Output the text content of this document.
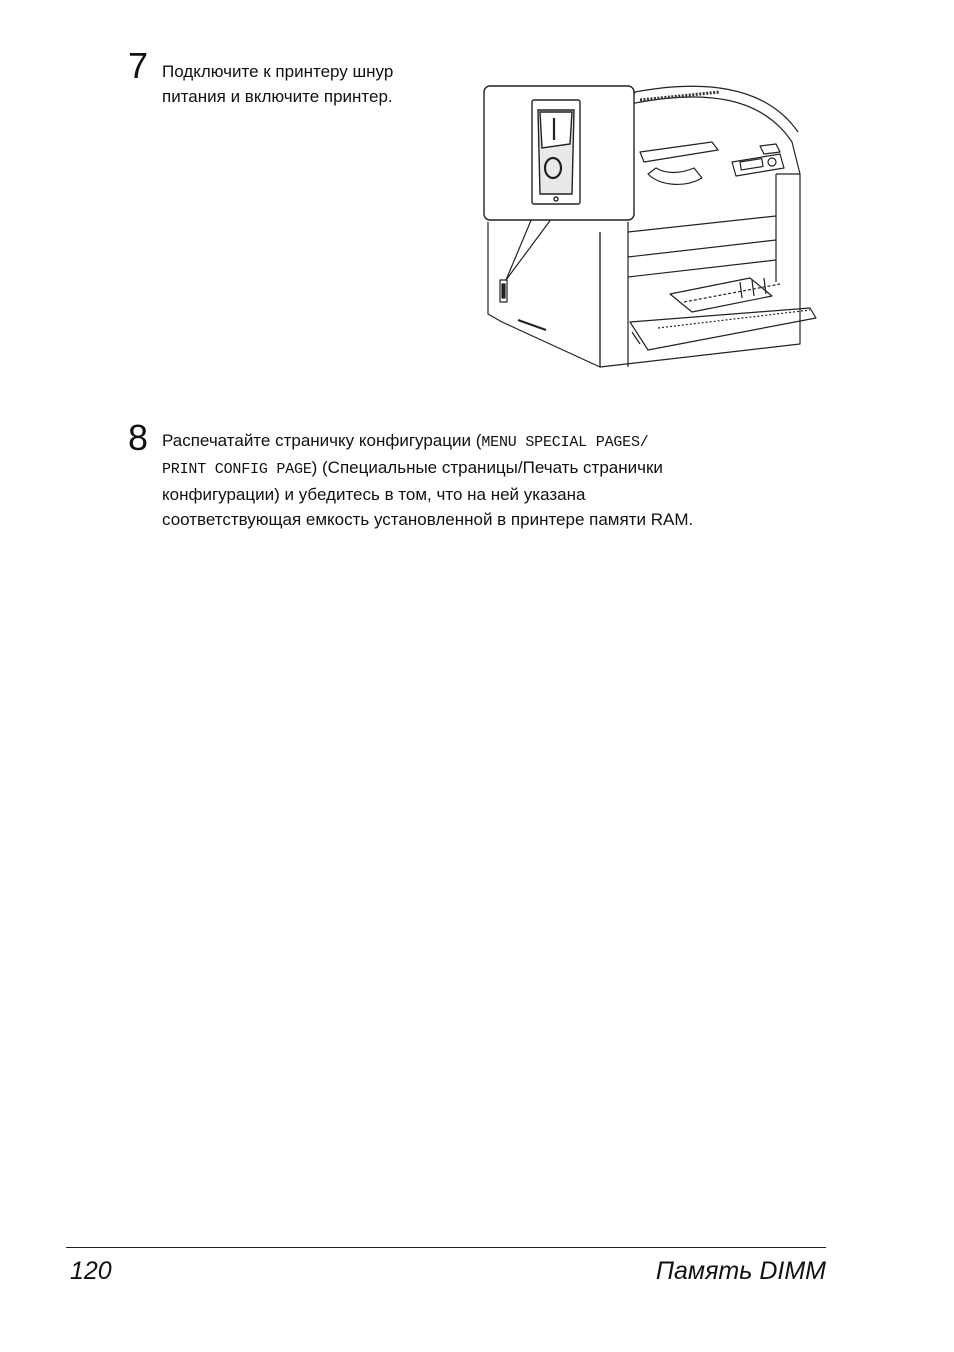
7 Подключите к принтеру шнур
питания и включите принтер.
8 Распечатайте страничку конфигурации (MENU SPECIAL PAGES/
PRINT CONFIG PAGE) (Специальные страницы/Печать странички
конфигурации) и убедитесь в том, что на ней указана
соответствующая емкость установленной в принтере памяти RAM.
120	Память DIMM
